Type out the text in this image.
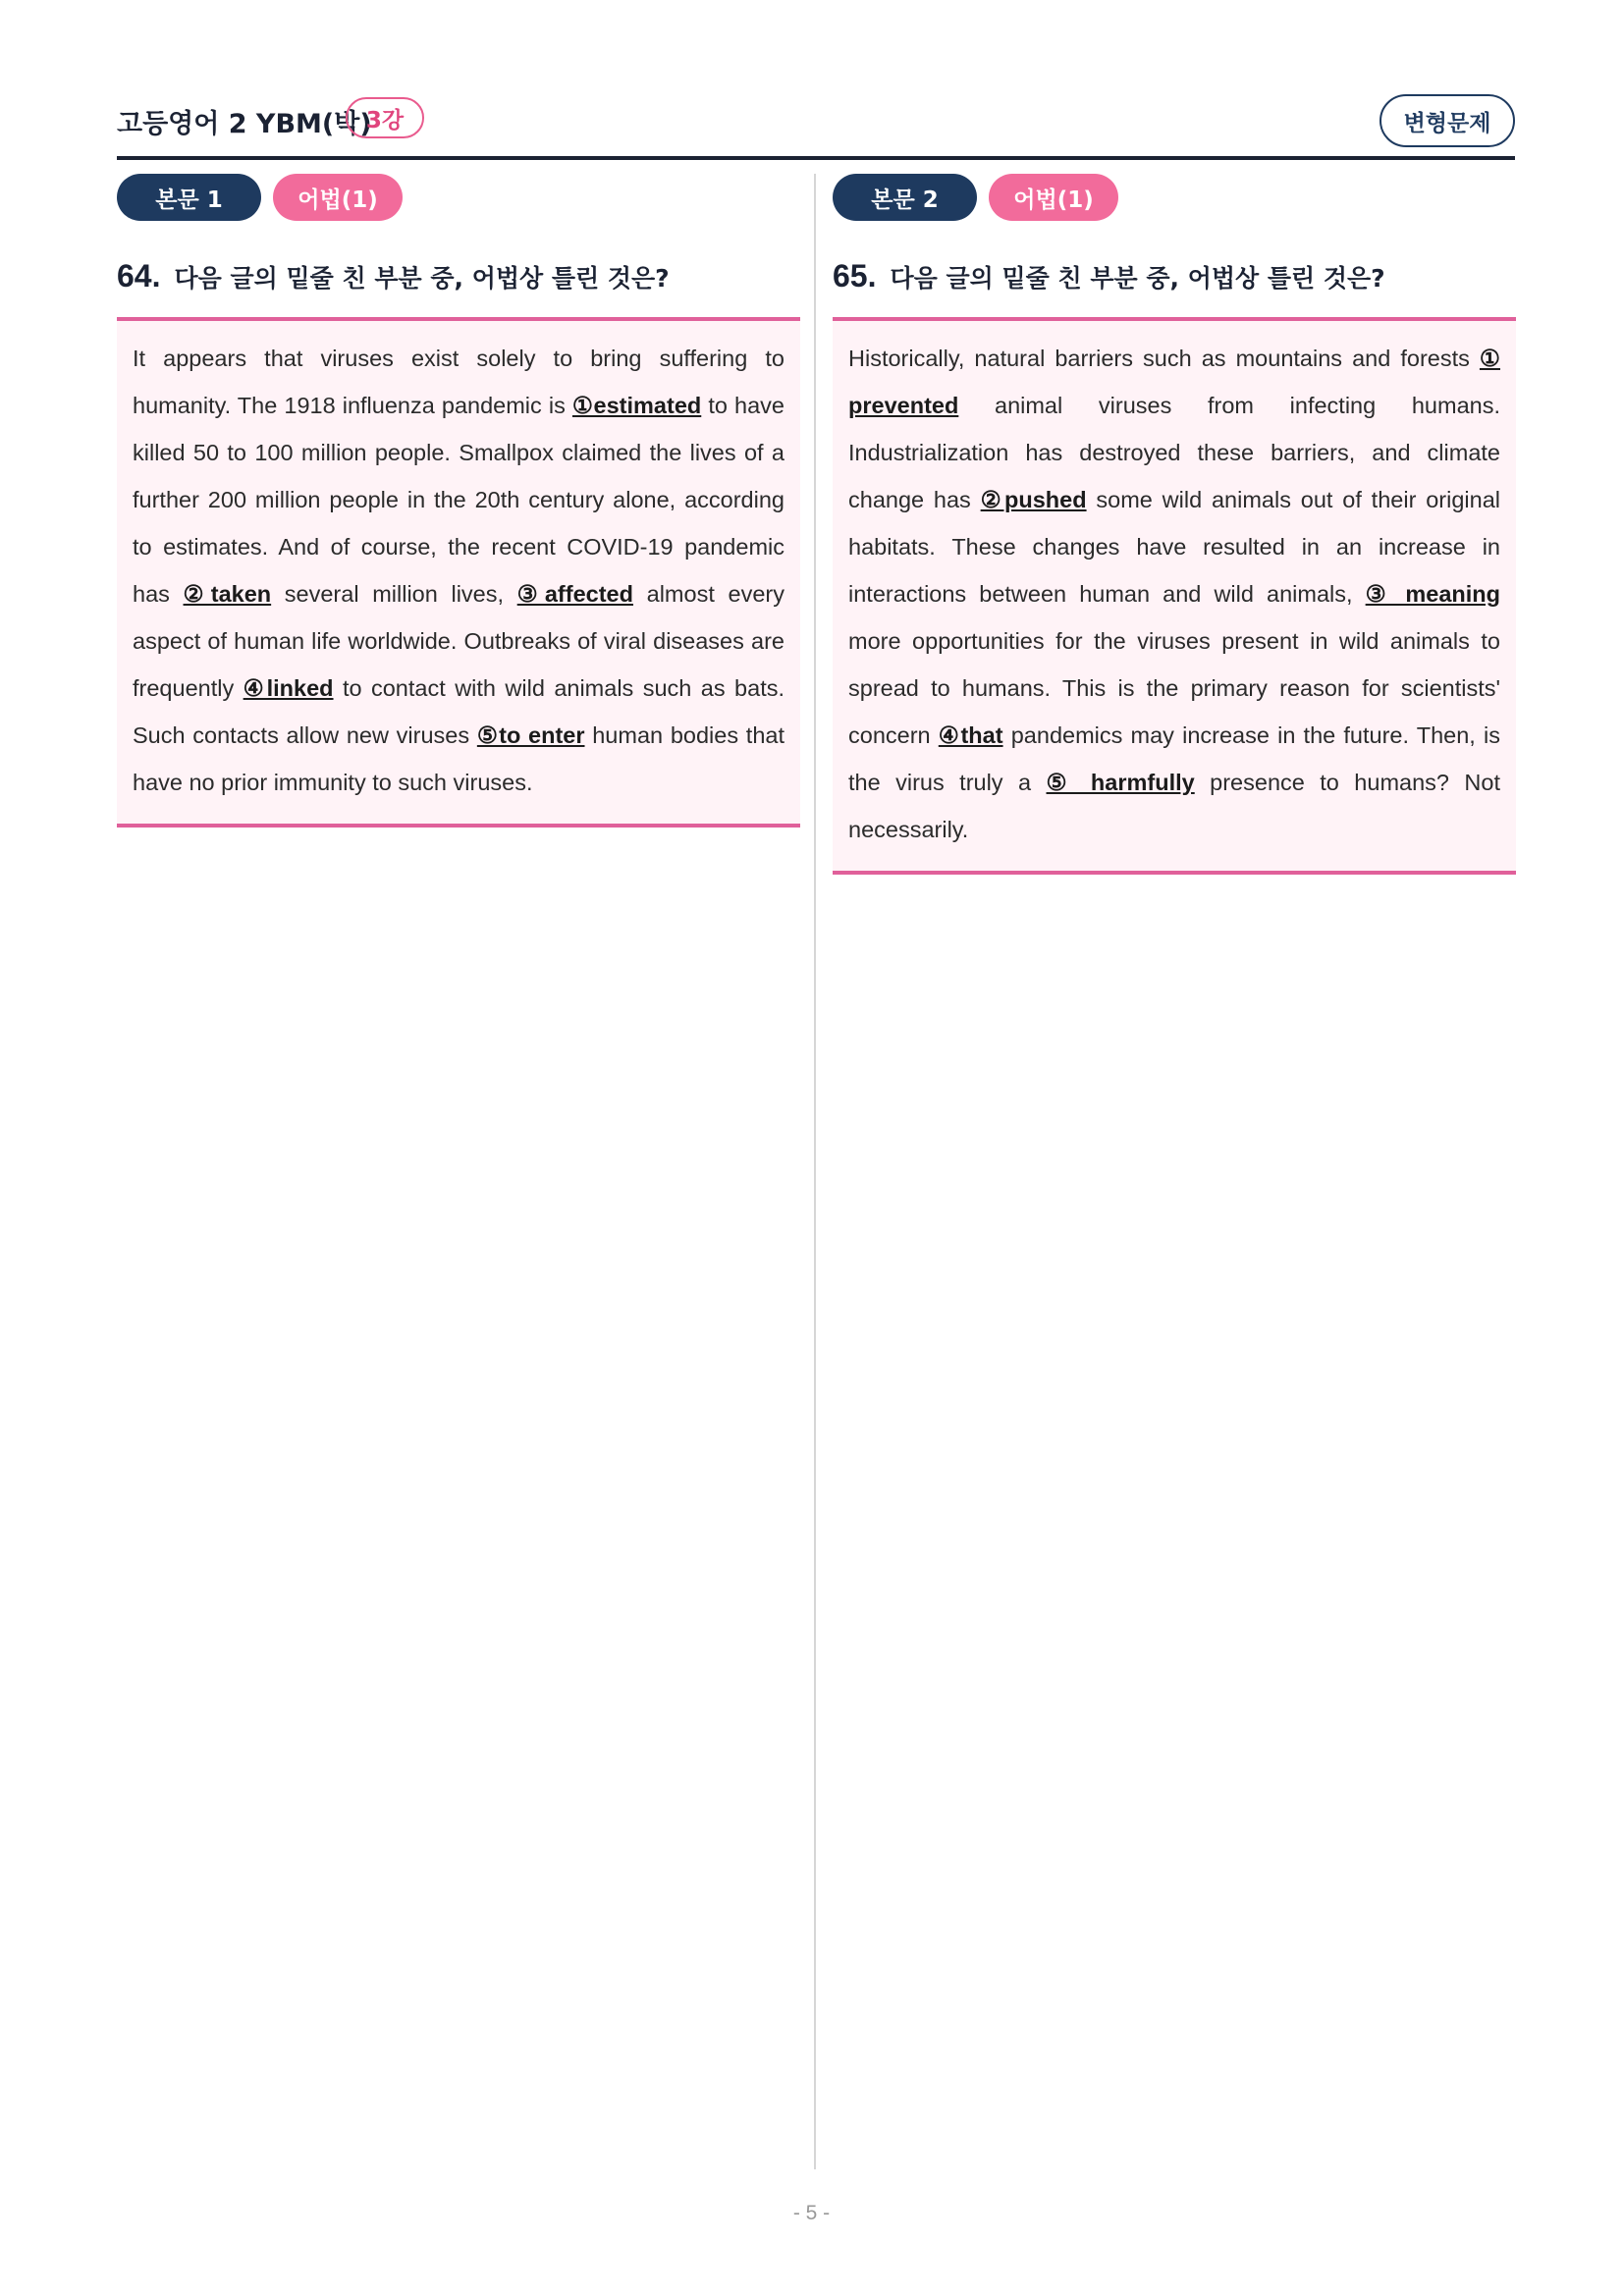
고등영어 2 YBM(박)
3강	변형문제
본문 1	어법(1)
64. 다음 글의 밑줄 친 부분 중, 어법상 틀린 것은?
It appears that viruses exist solely to bring suffering to humanity. The 1918 influenza pandemic is ①estimated to have killed 50 to 100 million people. Smallpox claimed the lives of a further 200 million people in the 20th century alone, according to estimates. And of course, the recent COVID-19 pandemic has ②taken several million lives, ③affected almost every aspect of human life worldwide. Outbreaks of viral diseases are frequently ④linked to contact with wild animals such as bats. Such contacts allow new viruses ⑤to enter human bodies that have no prior immunity to such viruses.
본문 2	어법(1)
65. 다음 글의 밑줄 친 부분 중, 어법상 틀린 것은?
Historically, natural barriers such as mountains and forests ① prevented animal viruses from infecting humans. Industrialization has destroyed these barriers, and climate change has ②pushed some wild animals out of their original habitats. These changes have resulted in an increase in interactions between human and wild animals, ③ meaning more opportunities for the viruses present in wild animals to spread to humans. This is the primary reason for scientists' concern ④that pandemics may increase in the future. Then, is the virus truly a ⑤ harmfully presence to humans? Not necessarily.
- 5 -
